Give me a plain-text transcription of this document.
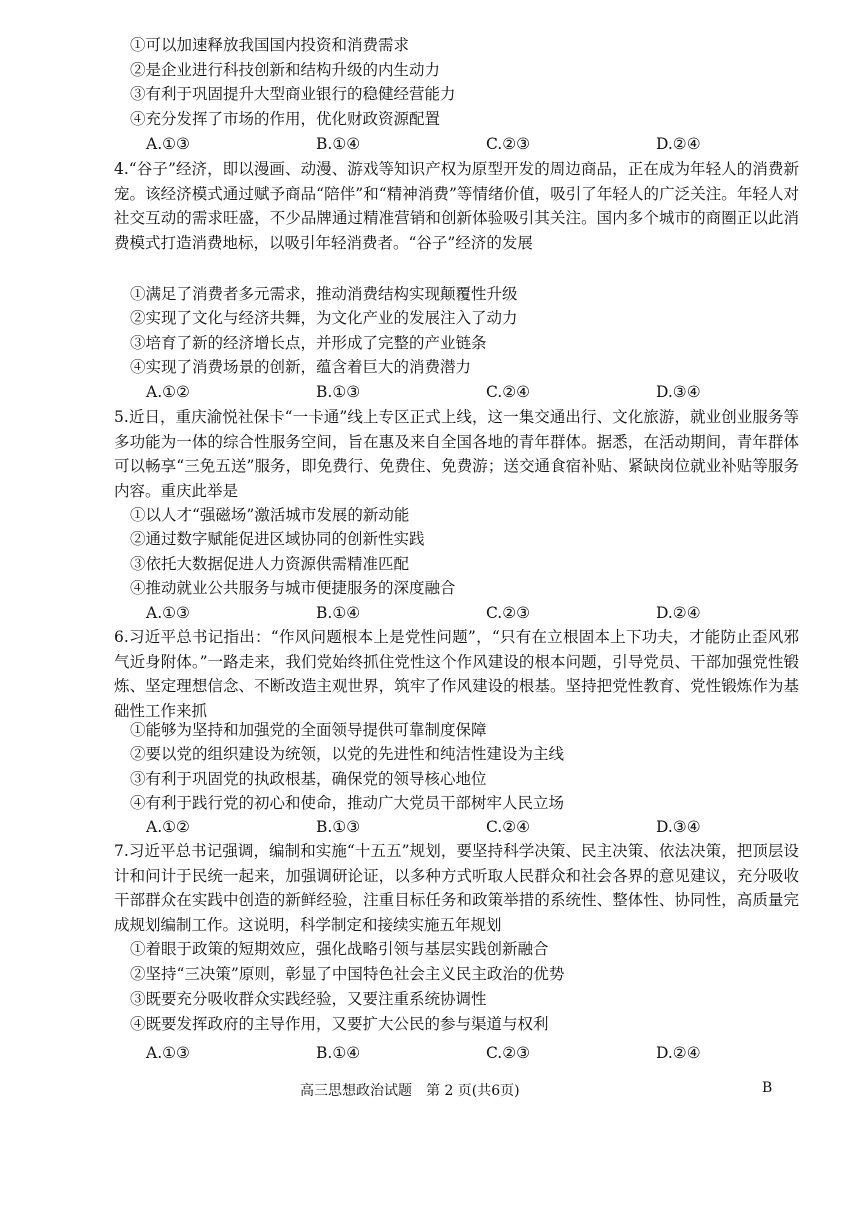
①可以加速释放我国国内投资和消费需求
②是企业进行科技创新和结构升级的内生动力
③有利于巩固提升大型商业银行的稳健经营能力
④充分发挥了市场的作用，优化财政资源配置
A.①③	B.①④	C.②③	D.②④
4.“谷子”经济，即以漫画、动漫、游戏等知识产权为原型开发的周边商品，正在成为年轻人的消费新宠。该经济模式通过赋予商品“陪伴”和“精神消费”等情绪价值，吸引了年轻人的广泛关注。年轻人对社交互动的需求旺盛，不少品牌通过精准营销和创新体验吸引其关注。国内多个城市的商圈正以此消费模式打造消费地标，以吸引年轻消费者。“谷子”经济的发展
①满足了消费者多元需求，推动消费结构实现颠覆性升级
②实现了文化与经济共舞，为文化产业的发展注入了动力
③培育了新的经济增长点，并形成了完整的产业链条
④实现了消费场景的创新，蕴含着巨大的消费潜力
A.①②	B.①③	C.②④	D.③④
5.近日，重庆渝悦社保卡“一卡通”线上专区正式上线，这一集交通出行、文化旅游，就业创业服务等多功能为一体的综合性服务空间，旨在惠及来自全国各地的青年群体。据悉，在活动期间，青年群体可以畅享“三免五送”服务，即免费行、免费住、免费游；送交通食宿补贴、紧缺岗位就业补贴等服务内容。重庆此举是
①以人才“强磁场”激活城市发展的新动能
②通过数字赋能促进区域协同的创新性实践
③依托大数据促进人力资源供需精准匹配
④推动就业公共服务与城市便捷服务的深度融合
A.①③	B.①④	C.②③	D.②④
6.习近平总书记指出：“作风问题根本上是党性问题”，“只有在立根固本上下功夫，才能防止歪风邪气近身附体。”一路走来，我们党始终抓住党性这个作风建设的根本问题，引导党员、干部加强党性锻炼、坚定理想信念、不断改造主观世界，筑牢了作风建设的根基。坚持把党性教育、党性锻炼作为基础性工作来抓
①能够为坚持和加强党的全面领导提供可靠制度保障
②要以党的组织建设为统领，以党的先进性和纯洁性建设为主线
③有利于巩固党的执政根基，确保党的领导核心地位
④有利于践行党的初心和使命，推动广大党员干部树牢人民立场
A.①②	B.①③	C.②④	D.③④
7.习近平总书记强调，编制和实施“十五五”规划，要坚持科学决策、民主决策、依法决策，把顶层设计和问计于民统一起来，加强调研论证，以多种方式听取人民群众和社会各界的意见建议，充分吸收干部群众在实践中创造的新鲜经验，注重目标任务和政策举措的系统性、整体性、协同性，高质量完成规划编制工作。这说明，科学制定和接续实施五年规划
①着眼于政策的短期效应，强化战略引领与基层实践创新融合
②坚持“三决策”原则，彰显了中国特色社会主义民主政治的优势
③既要充分吸收群众实践经验，又要注重系统协调性
④既要发挥政府的主导作用，又要扩大公民的参与渠道与权利
A.①③	B.①④	C.②③	D.②④
高三思想政治试题　第 2 页(共6页)	B
